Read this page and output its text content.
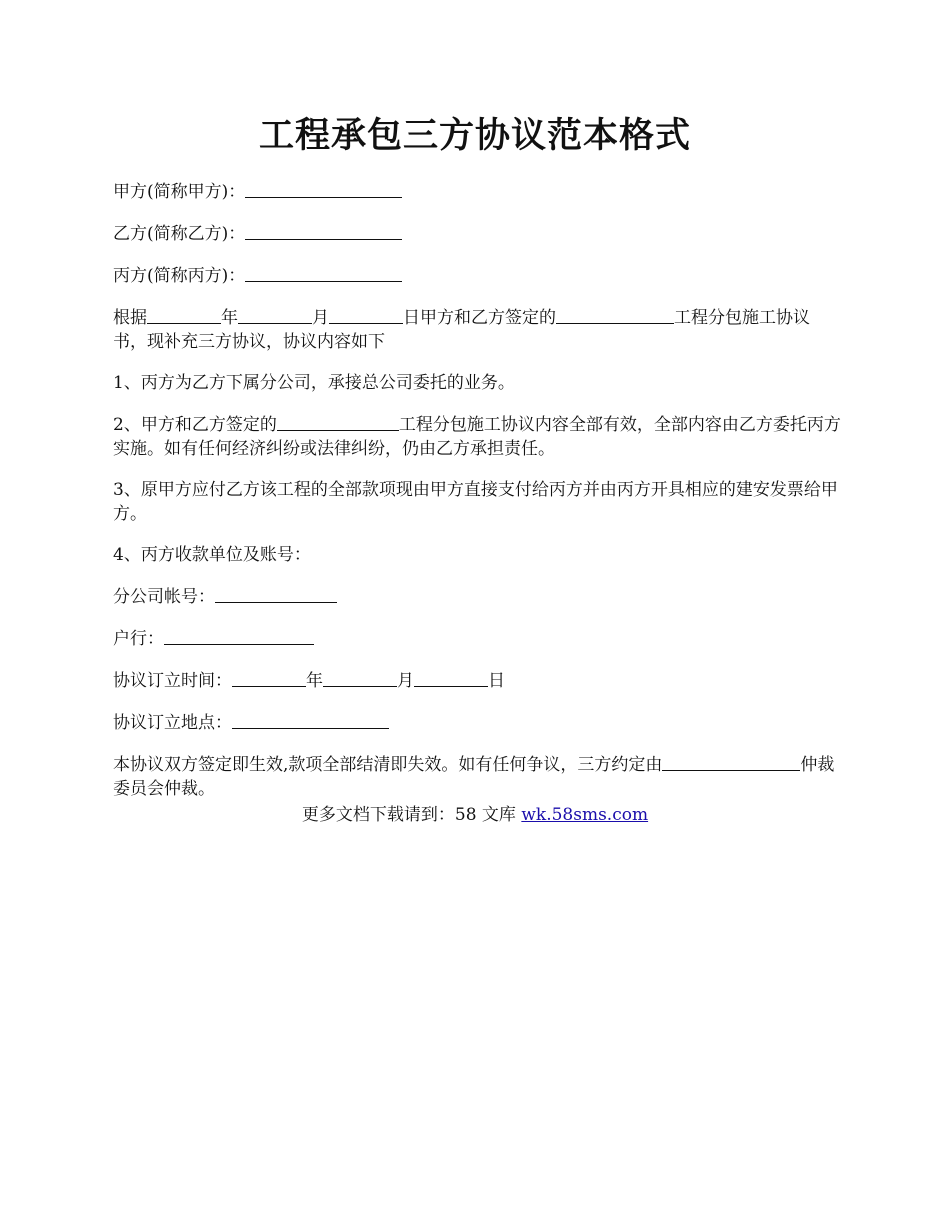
工程承包三方协议范本格式

甲方(简称甲方)：

乙方(简称乙方)：

丙方(简称丙方)：

根据	年	月	日甲方和乙方签定的	工程分包施工协议书，现补充三方协议，协议内容如下

1、丙方为乙方下属分公司，承接总公司委托的业务。

2、甲方和乙方签定的	工程分包施工协议内容全部有效，全部内容由乙方委托丙方实施。如有任何经济纠纷或法律纠纷，仍由乙方承担责任。

3、原甲方应付乙方该工程的全部款项现由甲方直接支付给丙方并由丙方开具相应的建安发票给甲方。

4、丙方收款单位及账号：

分公司帐号：

户行：

协议订立时间：	年	月	日

协议订立地点：

本协议双方签定即生效,款项全部结清即失效。如有任何争议，三方约定由	仲裁委员会仲裁。

更多文档下载请到：58 文库 wk.58sms.com
